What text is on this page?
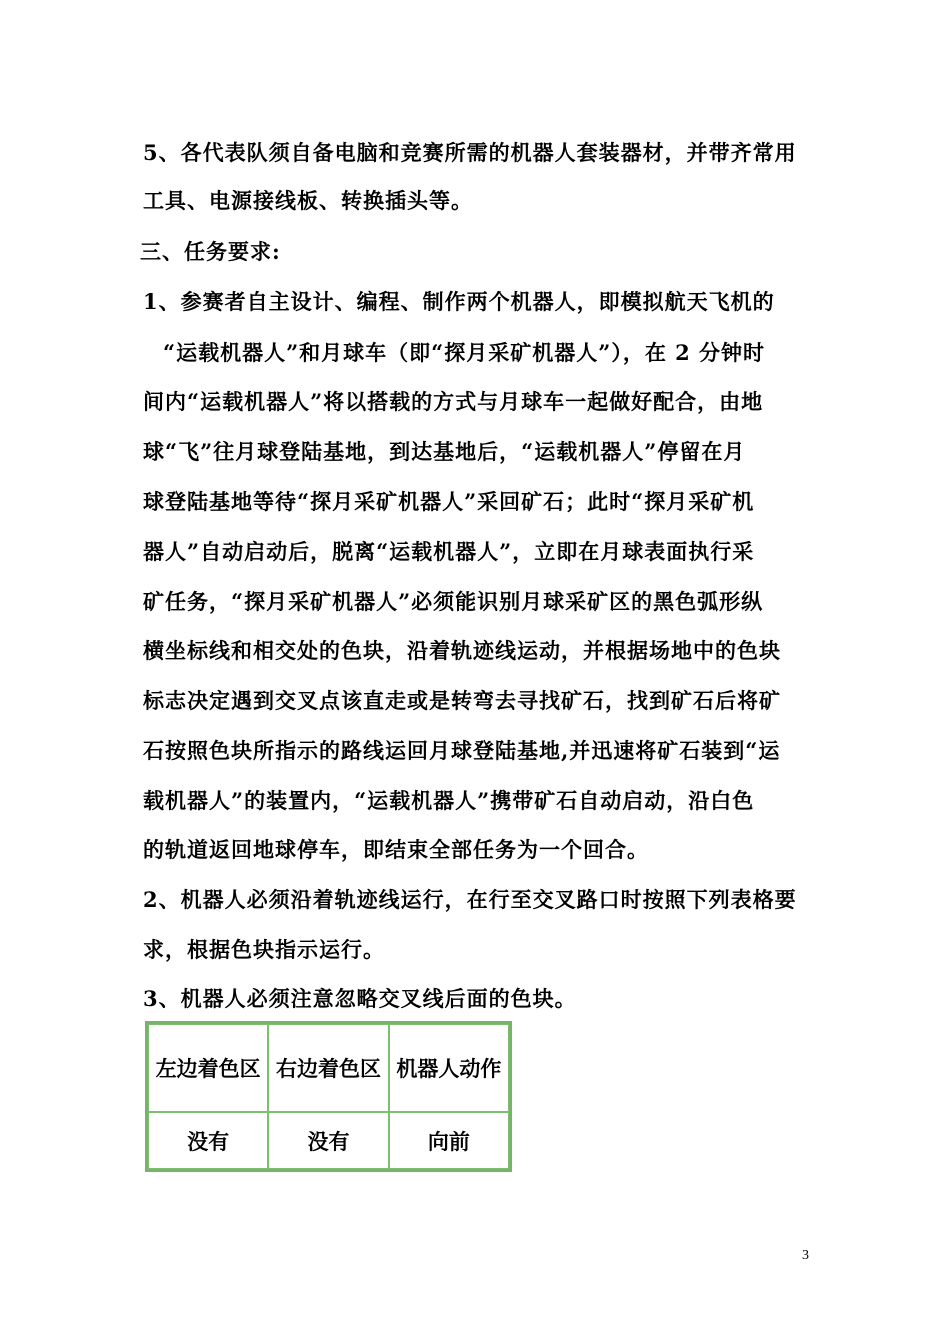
5、各代表队须自备电脑和竞赛所需的机器人套装器材，并带齐常用
工具、电源接线板、转换插头等。
三、任务要求:
1、参赛者自主设计、编程、制作两个机器人，即模拟航天飞机的
“运载机器人”和月球车（即“探月采矿机器人”），在 2 分钟时
间内“运载机器人”将以搭载的方式与月球车一起做好配合，由地
球“飞”往月球登陆基地，到达基地后，“运载机器人”停留在月
球登陆基地等待“探月采矿机器人”采回矿石；此时“探月采矿机
器人”自动启动后，脱离“运载机器人”，立即在月球表面执行采
矿任务，“探月采矿机器人”必须能识别月球采矿区的黑色弧形纵
横坐标线和相交处的色块，沿着轨迹线运动，并根据场地中的色块
标志决定遇到交叉点该直走或是转弯去寻找矿石，找到矿石后将矿
石按照色块所指示的路线运回月球登陆基地,并迅速将矿石装到“运
载机器人”的装置内，“运载机器人”携带矿石自动启动，沿白色
的轨道返回地球停车，即结束全部任务为一个回合。
2、机器人必须沿着轨迹线运行，在行至交叉路口时按照下列表格要
求，根据色块指示运行。
3、机器人必须注意忽略交叉线后面的色块。
左边着色区	右边着色区	机器人动作
没有	没有	向前
3
